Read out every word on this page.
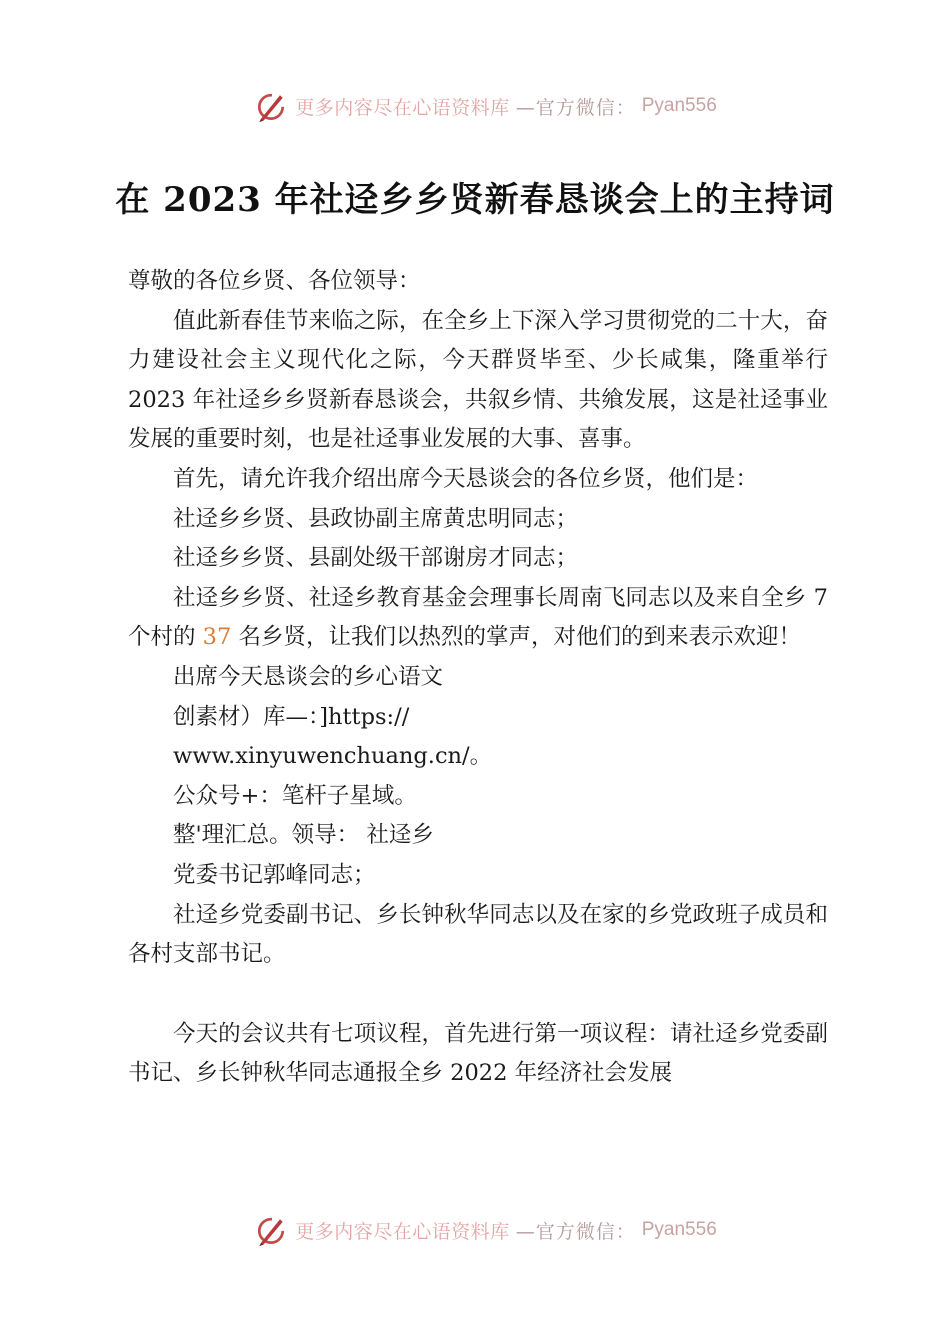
更多内容尽在心语资料库 —官方微信： Pyan556
在 2023 年社迳乡乡贤新春恳谈会上的主持词

尊敬的各位乡贤、各位领导：

值此新春佳节来临之际，在全乡上下深入学习贯彻党的二十大，奋力建设社会主义现代化之际，今天群贤毕至、少长咸集，隆重举行 2023 年社迳乡乡贤新春恳谈会，共叙乡情、共飨发展，这是社迳事业发展的重要时刻，也是社迳事业发展的大事、喜事。

首先，请允许我介绍出席今天恳谈会的各位乡贤，他们是：

社迳乡乡贤、县政协副主席黄忠明同志；

社迳乡乡贤、县副处级干部谢房才同志；

社迳乡乡贤、社迳乡教育基金会理事长周南飞同志以及来自全乡 7 个村的 37 名乡贤，让我们以热烈的掌声，对他们的到来表示欢迎！

出席今天恳谈会的乡心语文

创素材）库—：]https://

www.xinyuwenchuang.cn/。

公众号+：笔杆子星域。

整'理汇总。领导： 社迳乡

党委书记郭峰同志；

社迳乡党委副书记、乡长钟秋华同志以及在家的乡党政班子成员和各村支部书记。

今天的会议共有七项议程，首先进行第一项议程：请社迳乡党委副书记、乡长钟秋华同志通报全乡 2022 年经济社会发展

更多内容尽在心语资料库 —官方微信： Pyan556
